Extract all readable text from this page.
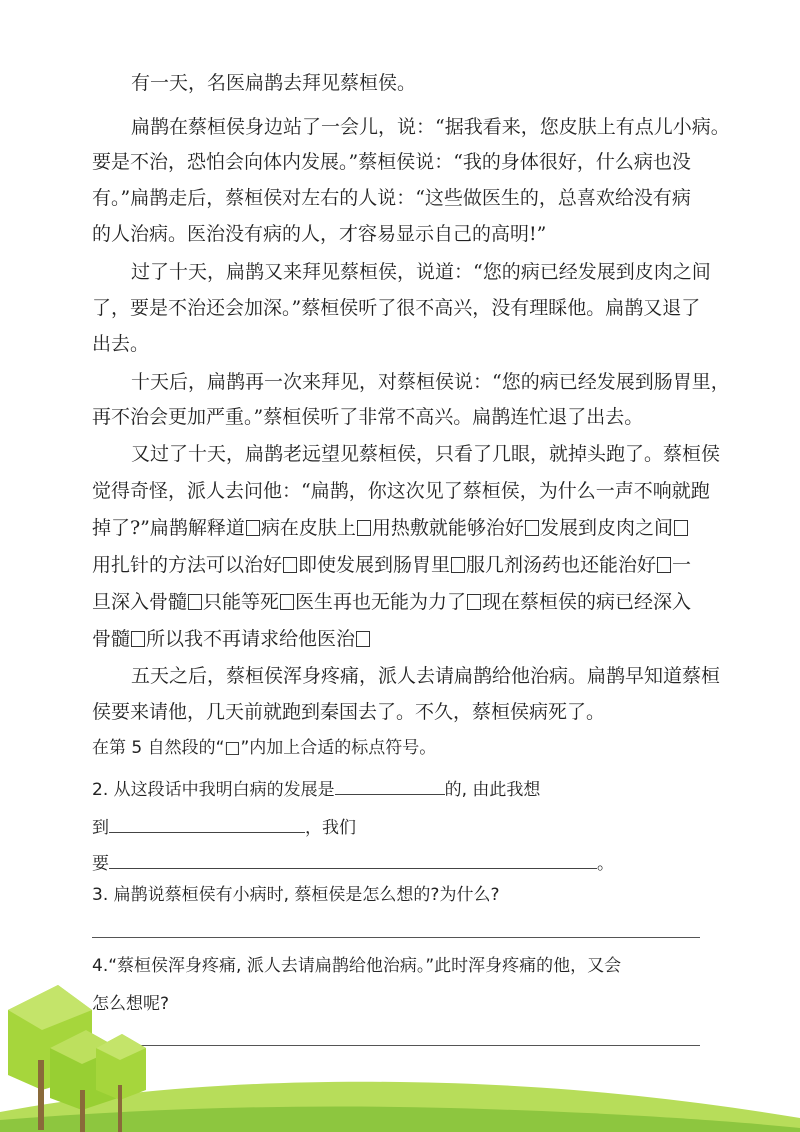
有一天，名医扁鹊去拜见蔡桓侯。
扁鹊在蔡桓侯身边站了一会儿，说：“据我看来，您皮肤上有点儿小病。
要是不治，恐怕会向体内发展。”蔡桓侯说：“我的身体很好，什么病也没
有。”扁鹊走后，蔡桓侯对左右的人说：“这些做医生的，总喜欢给没有病
的人治病。医治没有病的人，才容易显示自己的高明!”
过了十天，扁鹊又来拜见蔡桓侯，说道：“您的病已经发展到皮肉之间
了，要是不治还会加深。”蔡桓侯听了很不高兴，没有理睬他。扁鹊又退了
出去。
十天后，扁鹊再一次来拜见，对蔡桓侯说：“您的病已经发展到肠胃里，
再不治会更加严重。”蔡桓侯听了非常不高兴。扁鹊连忙退了出去。
又过了十天，扁鹊老远望见蔡桓侯，只看了几眼，就掉头跑了。蔡桓侯
觉得奇怪，派人去问他：“扁鹊，你这次见了蔡桓侯，为什么一声不响就跑
掉了?”扁鹊解释道 病在皮肤上 用热敷就能够治好 发展到皮肉之间
用扎针的方法可以治好 即使发展到肠胃里 服几剂汤药也还能治好 一
旦深入骨髓 只能等死 医生再也无能为力了 现在蔡桓侯的病已经深入
骨髓 所以我不再请求给他医治
五天之后，蔡桓侯浑身疼痛，派人去请扁鹊给他治病。扁鹊早知道蔡桓
侯要来请他，几天前就跑到秦国去了。不久，蔡桓侯病死了。
在第 5 自然段的“□”内加上合适的标点符号。
2. 从这段话中我明白病的发展是	的, 由此我想
到	，我们
要	。
3. 扁鹊说蔡桓侯有小病时, 蔡桓侯是怎么想的?为什么?
4.“蔡桓侯浑身疼痛, 派人去请扁鹊给他治病。”此时浑身疼痛的他，又会
怎么想呢?
